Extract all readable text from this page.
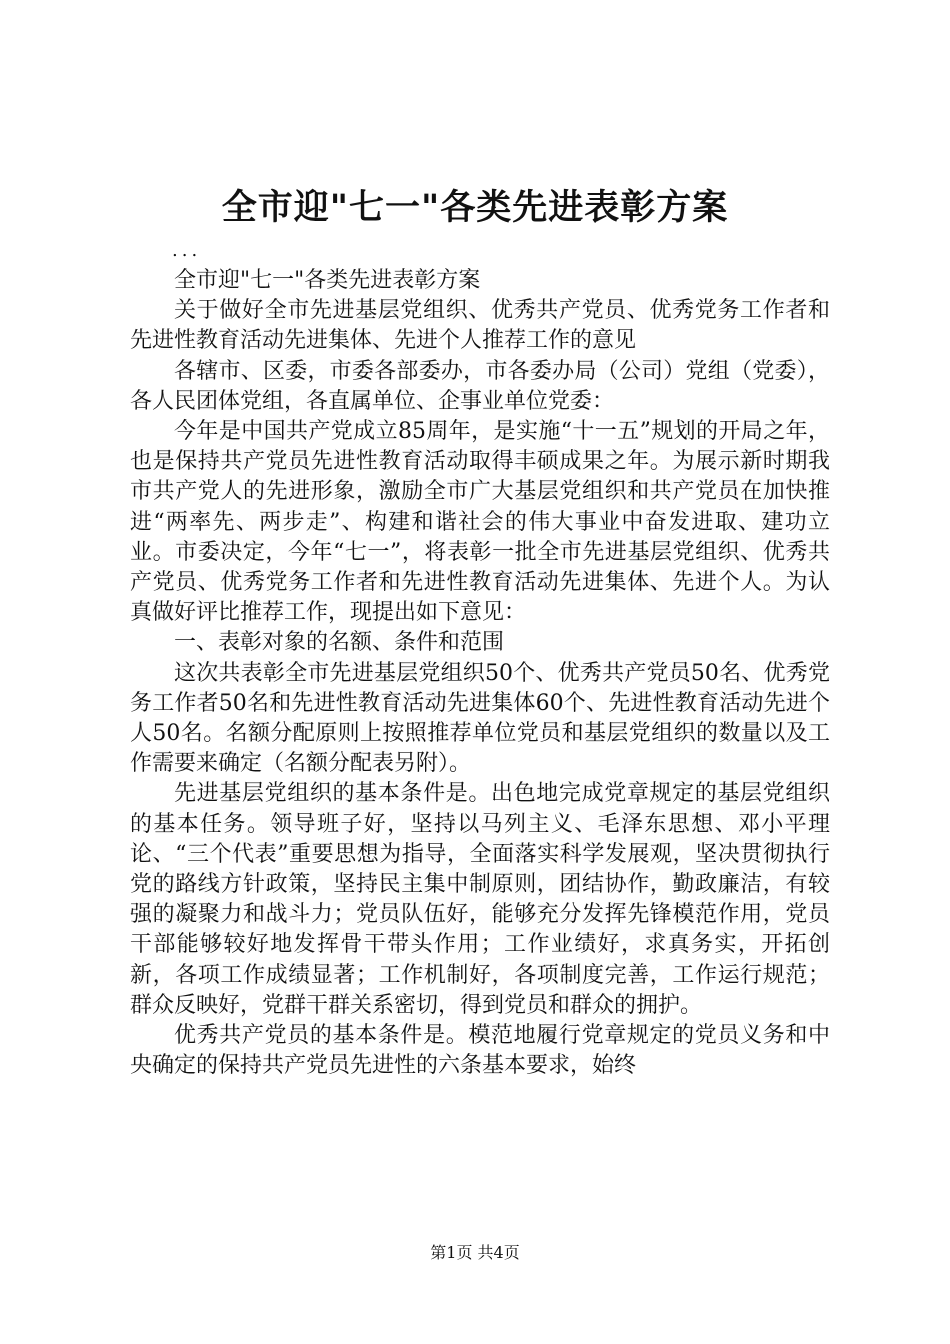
全市迎"七一"各类先进表彰方案
...

全市迎"七一"各类先进表彰方案

关于做好全市先进基层党组织、优秀共产党员、优秀党务工作者和先进性教育活动先进集体、先进个人推荐工作的意见

各辖市、区委，市委各部委办，市各委办局（公司）党组（党委），各人民团体党组，各直属单位、企事业单位党委：

今年是中国共产党成立85周年，是实施“十一五”规划的开局之年，也是保持共产党员先进性教育活动取得丰硕成果之年。为展示新时期我市共产党人的先进形象，激励全市广大基层党组织和共产党员在加快推进“两率先、两步走”、构建和谐社会的伟大事业中奋发进取、建功立业。市委决定，今年“七一”，将表彰一批全市先进基层党组织、优秀共产党员、优秀党务工作者和先进性教育活动先进集体、先进个人。为认真做好评比推荐工作，现提出如下意见：

一、表彰对象的名额、条件和范围

这次共表彰全市先进基层党组织50个、优秀共产党员50名、优秀党务工作者50名和先进性教育活动先进集体60个、先进性教育活动先进个人50名。名额分配原则上按照推荐单位党员和基层党组织的数量以及工作需要来确定（名额分配表另附）。

先进基层党组织的基本条件是。出色地完成党章规定的基层党组织的基本任务。领导班子好，坚持以马列主义、毛泽东思想、邓小平理论、“三个代表”重要思想为指导，全面落实科学发展观，坚决贯彻执行党的路线方针政策，坚持民主集中制原则，团结协作，勤政廉洁，有较强的凝聚力和战斗力；党员队伍好，能够充分发挥先锋模范作用，党员干部能够较好地发挥骨干带头作用；工作业绩好，求真务实，开拓创新，各项工作成绩显著；工作机制好，各项制度完善，工作运行规范；群众反映好，党群干群关系密切，得到党员和群众的拥护。

优秀共产党员的基本条件是。模范地履行党章规定的党员义务和中央确定的保持共产党员先进性的六条基本要求，始终

第1页 共4页
